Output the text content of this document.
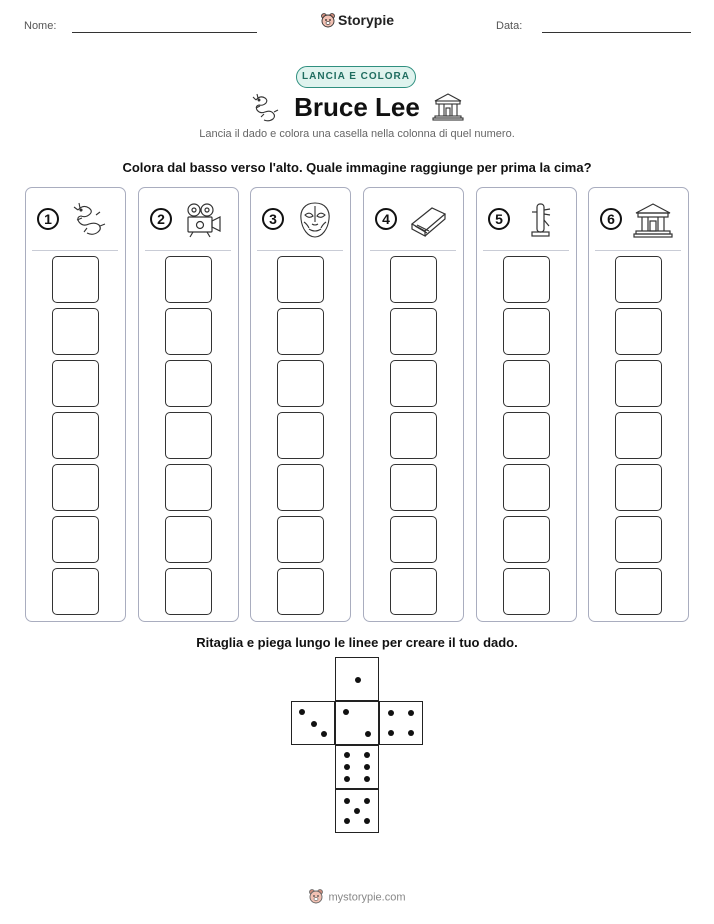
Nome:	Storypie	Data:
LANCIA E COLORA
Bruce Lee
Lancia il dado e colora una casella nella colonna di quel numero.
Colora dal basso verso l'alto. Quale immagine raggiunge per prima la cima?
1	2	3	4	5	6
Ritaglia e piega lungo le linee per creare il tuo dado.
mystorypie.com
